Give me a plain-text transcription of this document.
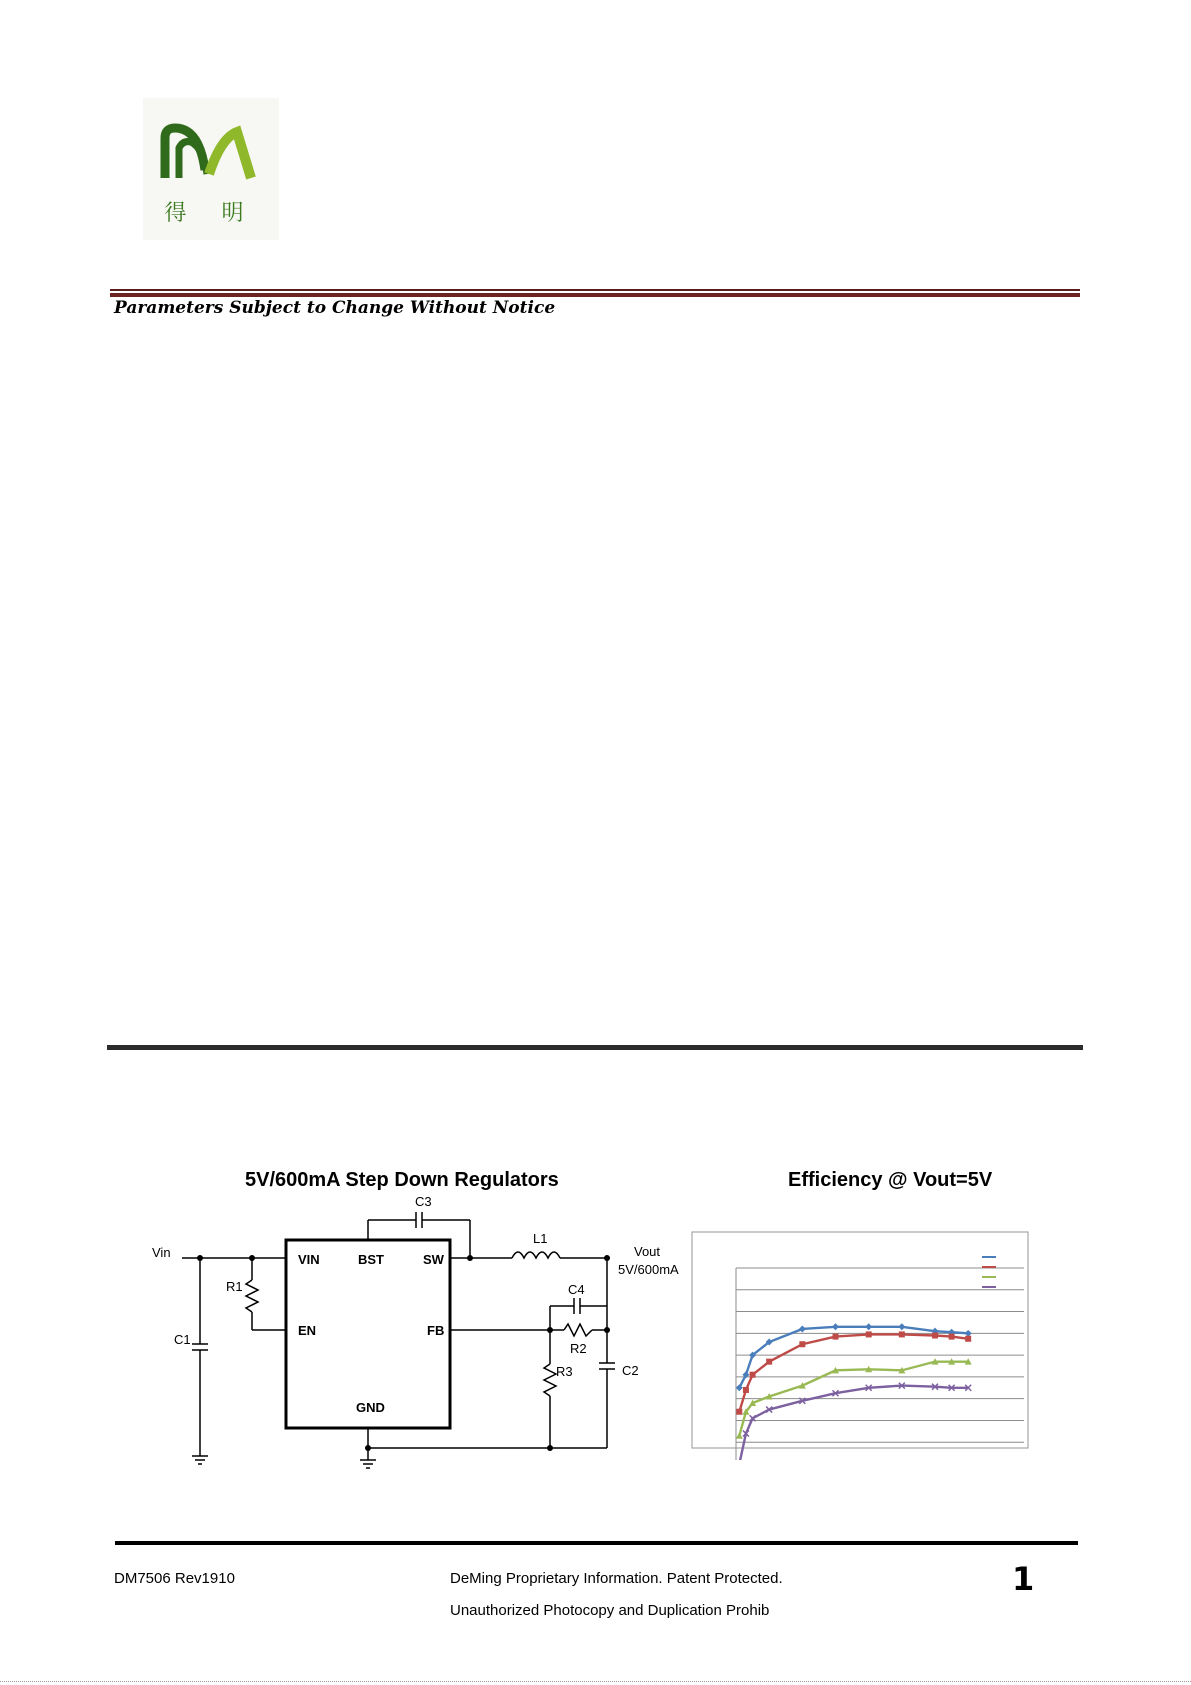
得 明
Parameters Subject to Change Without Notice
5V/600mA Step Down Regulators
VIN	BST	SW
EN	FB
GND
Vin
C1
R1
C3
L1
Vout
5V/600mA
C4
R2
R3	C2
Efficiency @ Vout=5V
DM7506 Rev1910	DeMing Proprietary Information. Patent Protected.
Unauthorized Photocopy and Duplication Prohib
1
